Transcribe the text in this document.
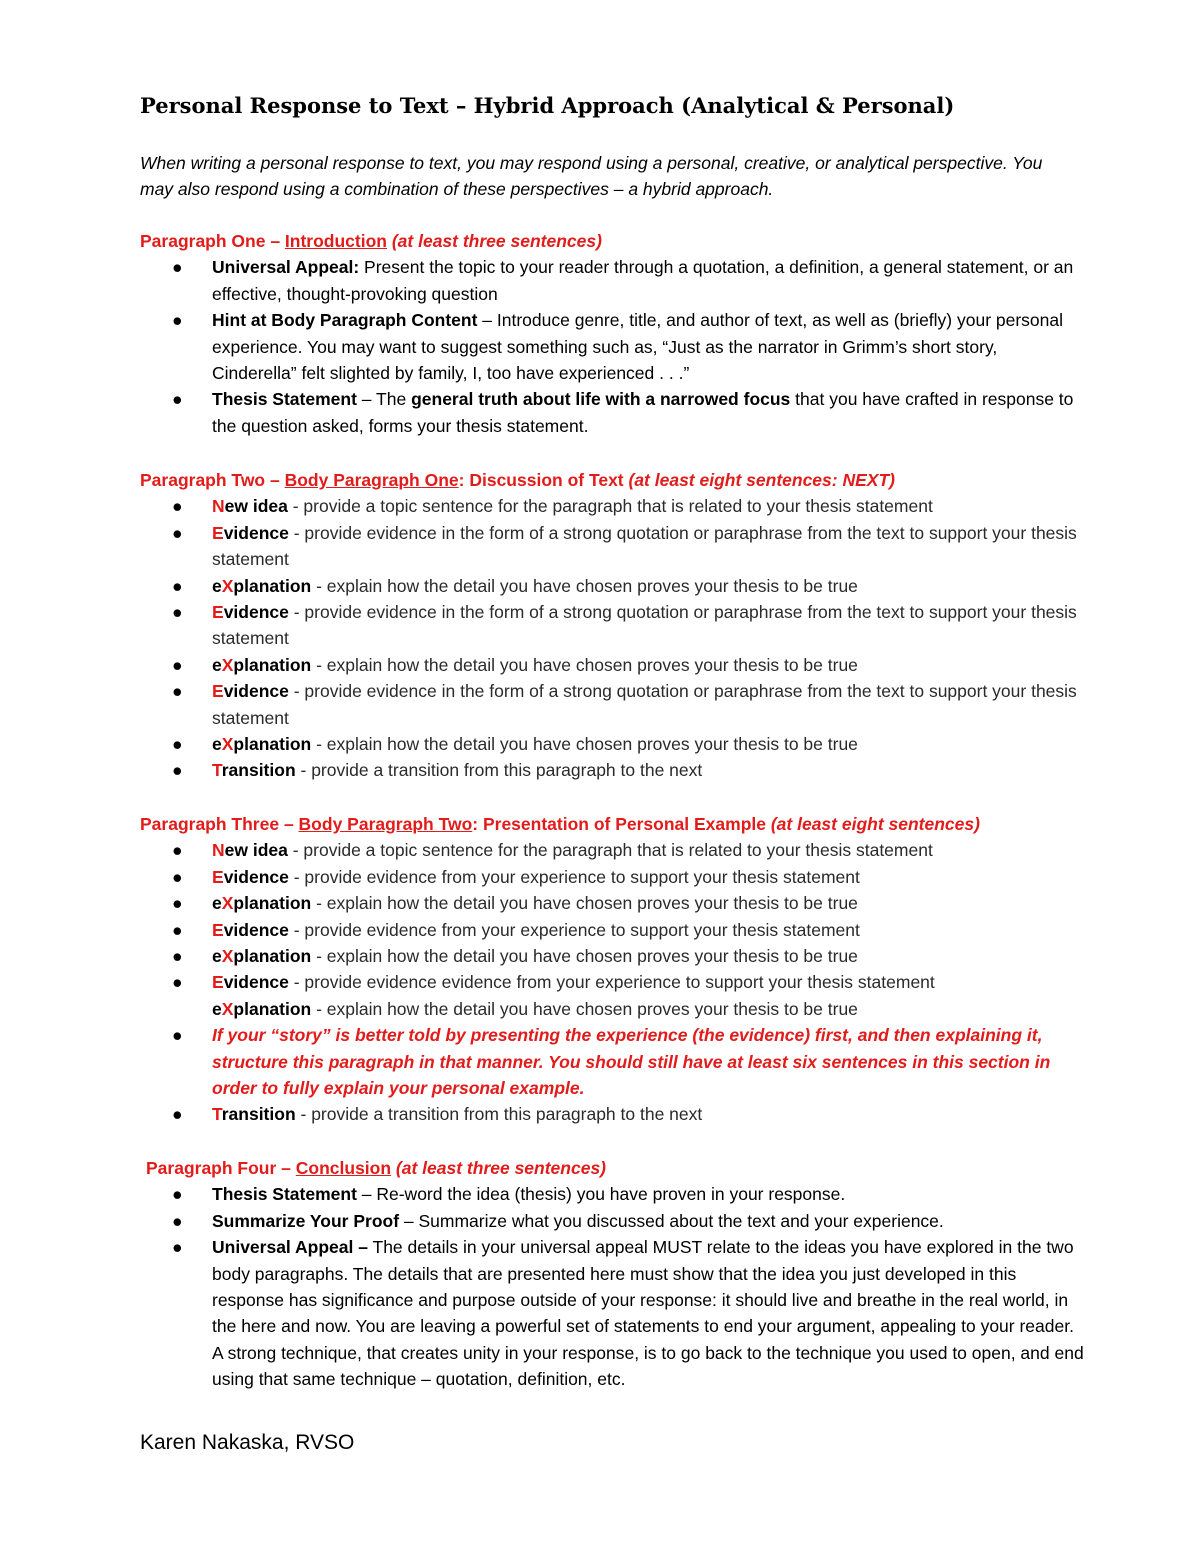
Personal Response to Text – Hybrid Approach (Analytical & Personal)

When writing a personal response to text, you may respond using a personal, creative, or analytical perspective. You may also respond using a combination of these perspectives – a hybrid approach.

Paragraph One – Introduction (at least three sentences)

● Universal Appeal: Present the topic to your reader through a quotation, a definition, a general statement, or an effective, thought-provoking question
● Hint at Body Paragraph Content – Introduce genre, title, and author of text, as well as (briefly) your personal experience. You may want to suggest something such as, “Just as the narrator in Grimm’s short story, Cinderella” felt slighted by family, I, too have experienced . . .”
● Thesis Statement – The general truth about life with a narrowed focus that you have crafted in response to the question asked, forms your thesis statement.

Paragraph Two – Body Paragraph One: Discussion of Text (at least eight sentences: NEXT)

● New idea - provide a topic sentence for the paragraph that is related to your thesis statement
● Evidence - provide evidence in the form of a strong quotation or paraphrase from the text to support your thesis statement
● eXplanation - explain how the detail you have chosen proves your thesis to be true
● Evidence - provide evidence in the form of a strong quotation or paraphrase from the text to support your thesis statement
● eXplanation - explain how the detail you have chosen proves your thesis to be true
● Evidence - provide evidence in the form of a strong quotation or paraphrase from the text to support your thesis statement
● eXplanation - explain how the detail you have chosen proves your thesis to be true
● Transition - provide a transition from this paragraph to the next

Paragraph Three – Body Paragraph Two: Presentation of Personal Example (at least eight sentences)

● New idea - provide a topic sentence for the paragraph that is related to your thesis statement
● Evidence - provide evidence from your experience to support your thesis statement
● eXplanation - explain how the detail you have chosen proves your thesis to be true
● Evidence - provide evidence from your experience to support your thesis statement
● eXplanation - explain how the detail you have chosen proves your thesis to be true
● Evidence - provide evidence evidence from your experience to support your thesis statement
eXplanation - explain how the detail you have chosen proves your thesis to be true
● If your “story” is better told by presenting the experience (the evidence) first, and then explaining it, structure this paragraph in that manner. You should still have at least six sentences in this section in order to fully explain your personal example.
● Transition - provide a transition from this paragraph to the next

Paragraph Four – Conclusion (at least three sentences)

● Thesis Statement – Re-word the idea (thesis) you have proven in your response.
● Summarize Your Proof – Summarize what you discussed about the text and your experience.
● Universal Appeal – The details in your universal appeal MUST relate to the ideas you have explored in the two body paragraphs. The details that are presented here must show that the idea you just developed in this response has significance and purpose outside of your response: it should live and breathe in the real world, in the here and now. You are leaving a powerful set of statements to end your argument, appealing to your reader. A strong technique, that creates unity in your response, is to go back to the technique you used to open, and end using that same technique – quotation, definition, etc.

Karen Nakaska, RVSO
